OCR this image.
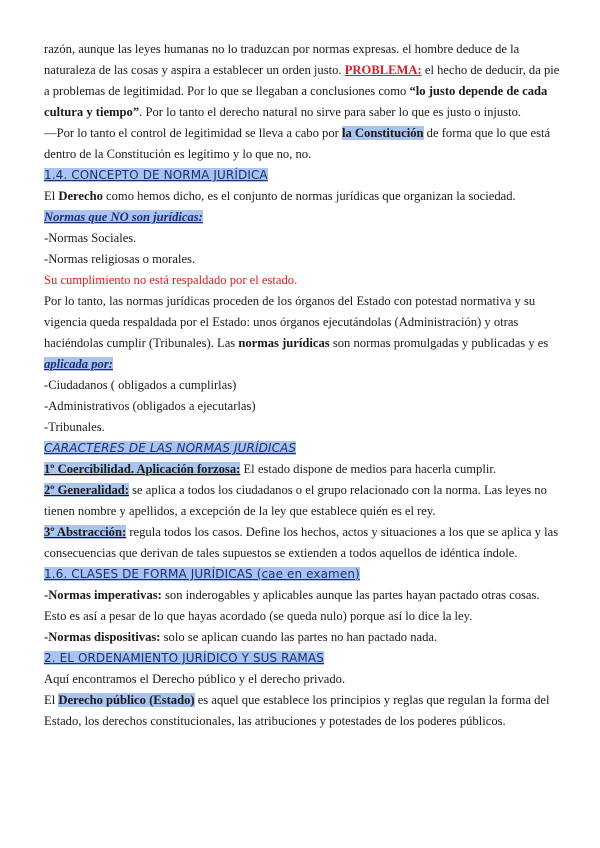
razón, aunque las leyes humanas no lo traduzcan por normas expresas. el hombre deduce de la naturaleza de las cosas y aspira a establecer un orden justo. PROBLEMA: el hecho de deducir, da pie a problemas de legitimidad. Por lo que se llegaban a conclusiones como “lo justo depende de cada cultura y tiempo”. Por lo tanto el derecho natural no sirve para saber lo que es justo o injusto.

—Por lo tanto el control de legitimidad se lleva a cabo por la Constitución de forma que lo que está dentro de la Constitución es legítimo y lo que no, no.

1.4. CONCEPTO DE NORMA JURÍDICA

El Derecho como hemos dicho, es el conjunto de normas jurídicas que organizan la sociedad.

Normas que NO son jurídicas:

-Normas Sociales.

-Normas religiosas o morales.

Su cumplimiento no está respaldado por el estado.

Por lo tanto, las normas jurídicas proceden de los órganos del Estado con potestad normativa y su vigencia queda respaldada por el Estado: unos órganos ejecutándolas (Administración) y otras haciéndolas cumplir (Tribunales). Las normas jurídicas son normas promulgadas y publicadas y es aplicada por:

-Ciudadanos ( obligados a cumplirlas)

-Administrativos (obligados a ejecutarlas)

-Tribunales.

CARACTERES DE LAS NORMAS JURÍDICAS

1º Coercibilidad. Aplicación forzosa: El estado dispone de medios para hacerla cumplir.

2º Generalidad: se aplica a todos los ciudadanos o el grupo relacionado con la norma. Las leyes no tienen nombre y apellidos, a excepción de la ley que establece quién es el rey.

3º Abstracción: regula todos los casos. Define los hechos, actos y situaciones a los que se aplica y las consecuencias que derivan de tales supuestos se extienden a todos aquellos de idéntica índole.

1.6. CLASES DE FORMA JURÍDICAS (cae en examen)

-Normas imperativas: son inderogables y aplicables aunque las partes hayan pactado otras cosas. Esto es así a pesar de lo que hayas acordado (se queda nulo) porque así lo dice la ley.

-Normas dispositivas: solo se aplican cuando las partes no han pactado nada.

2. EL ORDENAMIENTO JURÍDICO Y SUS RAMAS

Aquí encontramos el Derecho público y el derecho privado.

El Derecho público (Estado) es aquel que establece los principios y reglas que regulan la forma del Estado, los derechos constitucionales, las atribuciones y potestades de los poderes públicos.
